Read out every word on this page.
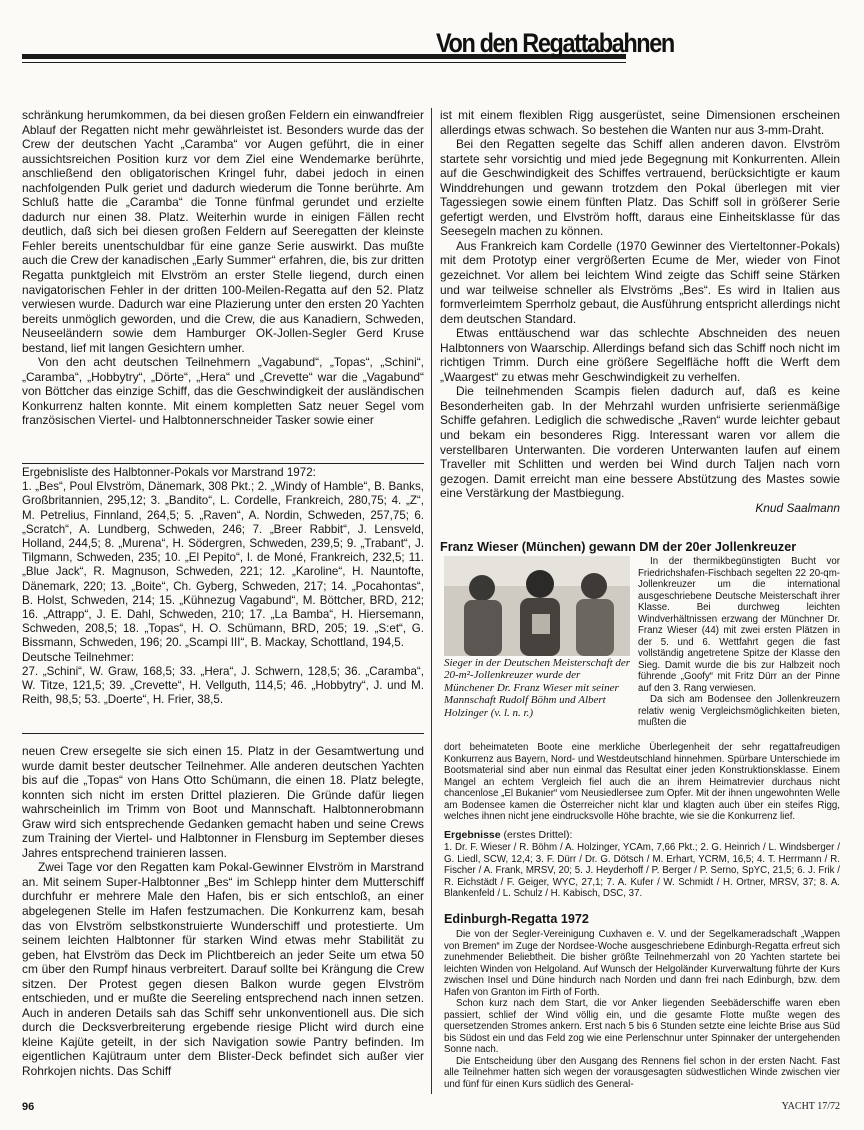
Von den Regattabahnen

schränkung herumkommen, da bei diesen großen Feldern ein einwandfreier Ablauf der Regatten nicht mehr gewährleistet ist. Besonders wurde das der Crew der deutschen Yacht „Caramba“ vor Augen geführt, die in einer aussichtsreichen Position kurz vor dem Ziel eine Wendemarke berührte, anschließend den obligatorischen Kringel fuhr, dabei jedoch in einen nachfolgenden Pulk geriet und dadurch wiederum die Tonne berührte. Am Schluß hatte die „Caramba“ die Tonne fünfmal gerundet und erzielte dadurch nur einen 38. Platz. Weiterhin wurde in einigen Fällen recht deutlich, daß sich bei diesen großen Feldern auf Seeregatten der kleinste Fehler bereits unentschuldbar für eine ganze Serie auswirkt. Das mußte auch die Crew der kanadischen „Early Summer“ erfahren, die, bis zur dritten Regatta punktgleich mit Elvström an erster Stelle liegend, durch einen navigatorischen Fehler in der dritten 100-Meilen-Regatta auf den 52. Platz verwiesen wurde. Dadurch war eine Plazierung unter den ersten 20 Yachten bereits unmöglich geworden, und die Crew, die aus Kanadiern, Schweden, Neuseeländern sowie dem Hamburger OK-Jollen-Segler Gerd Kruse bestand, lief mit langen Gesichtern umher.

Von den acht deutschen Teilnehmern „Vagabund“, „Topas“, „Schini“, „Caramba“, „Hobbytry“, „Dörte“, „Hera“ und „Crevette“ war die „Vagabund“ von Böttcher das einzige Schiff, das die Geschwindigkeit der ausländischen Konkurrenz halten konnte. Mit einem kompletten Satz neuer Segel vom französischen Viertel- und Halbtonnerschneider Tasker sowie einer

Ergebnisliste des Halbtonner-Pokals vor Marstrand 1972:

1. „Bes“, Poul Elvström, Dänemark, 308 Pkt.; 2. „Windy of Hamble“, B. Banks, Großbritannien, 295,12; 3. „Bandito“, L. Cordelle, Frankreich, 280,75; 4. „Z“, M. Petrelius, Finnland, 264,5; 5. „Raven“, A. Nordin, Schweden, 257,75; 6. „Scratch“, A. Lundberg, Schweden, 246; 7. „Breer Rabbit“, J. Lensveld, Holland, 244,5; 8. „Murena“, H. Södergren, Schweden, 239,5; 9. „Trabant“, J. Tilgmann, Schweden, 235; 10. „El Pepito“, l. de Moné, Frankreich, 232,5; 11. „Blue Jack“, R. Magnuson, Schweden, 221; 12. „Karoline“, H. Nauntofte, Dänemark, 220; 13. „Boite“, Ch. Gyberg, Schweden, 217; 14. „Pocahontas“, B. Holst, Schweden, 214; 15. „Kühnezug Vagabund“, M. Böttcher, BRD, 212; 16. „Attrapp“, J. E. Dahl, Schweden, 210; 17. „La Bamba“, H. Hiersemann, Schweden, 208,5; 18. „Topas“, H. O. Schümann, BRD, 205; 19. „S:et“, G. Bissmann, Schweden, 196; 20. „Scampi III“, B. Mackay, Schottland, 194,5.

Deutsche Teilnehmer:

27. „Schini“, W. Graw, 168,5; 33. „Hera“, J. Schwern, 128,5; 36. „Caramba“, W. Titze, 121,5; 39. „Crevette“, H. Vellguth, 114,5; 46. „Hobbytry“, J. und M. Reith, 98,5; 53. „Doerte“, H. Frier, 38,5.

neuen Crew ersegelte sie sich einen 15. Platz in der Gesamtwertung und wurde damit bester deutscher Teilnehmer. Alle anderen deutschen Yachten bis auf die „Topas“ von Hans Otto Schümann, die einen 18. Platz belegte, konnten sich nicht im ersten Drittel plazieren. Die Gründe dafür liegen wahrscheinlich im Trimm von Boot und Mannschaft. Halbtonnerobmann Graw wird sich entsprechende Gedanken gemacht haben und seine Crews zum Training der Viertel- und Halbtonner in Flensburg im September dieses Jahres entsprechend trainieren lassen.

Zwei Tage vor den Regatten kam Pokal-Gewinner Elvström in Marstrand an. Mit seinem Super-Halbtonner „Bes“ im Schlepp hinter dem Mutterschiff durchfuhr er mehrere Male den Hafen, bis er sich entschloß, an einer abgelegenen Stelle im Hafen festzumachen. Die Konkurrenz kam, besah das von Elvström selbstkonstruierte Wunderschiff und protestierte. Um seinem leichten Halbtonner für starken Wind etwas mehr Stabilität zu geben, hat Elvström das Deck im Plichtbereich an jeder Seite um etwa 50 cm über den Rumpf hinaus verbreitert. Darauf sollte bei Krängung die Crew sitzen. Der Protest gegen diesen Balkon wurde gegen Elvström entschieden, und er mußte die Seereling entsprechend nach innen setzen. Auch in anderen Details sah das Schiff sehr unkonventionell aus. Die sich durch die Decksverbreiterung ergebende riesige Plicht wird durch eine kleine Kajüte geteilt, in der sich Navigation sowie Pantry befinden. Im eigentlichen Kajütraum unter dem Blister-Deck befindet sich außer vier Rohrkojen nichts. Das Schiff

ist mit einem flexiblen Rigg ausgerüstet, seine Dimensionen erscheinen allerdings etwas schwach. So bestehen die Wanten nur aus 3-mm-Draht.

Bei den Regatten segelte das Schiff allen anderen davon. Elvström startete sehr vorsichtig und mied jede Begegnung mit Konkurrenten. Allein auf die Geschwindigkeit des Schiffes vertrauend, berücksichtigte er kaum Winddrehungen und gewann trotzdem den Pokal überlegen mit vier Tagessiegen sowie einem fünften Platz. Das Schiff soll in größerer Serie gefertigt werden, und Elvström hofft, daraus eine Einheitsklasse für das Seesegeln machen zu können.

Aus Frankreich kam Cordelle (1970 Gewinner des Vierteltonner-Pokals) mit dem Prototyp einer vergrößerten Ecume de Mer, wieder von Finot gezeichnet. Vor allem bei leichtem Wind zeigte das Schiff seine Stärken und war teilweise schneller als Elvströms „Bes“. Es wird in Italien aus formverleimtem Sperrholz gebaut, die Ausführung entspricht allerdings nicht dem deutschen Standard.

Etwas enttäuschend war das schlechte Abschneiden des neuen Halbtonners von Waarschip. Allerdings befand sich das Schiff noch nicht im richtigen Trimm. Durch eine größere Segelfläche hofft die Werft dem „Waargest“ zu etwas mehr Geschwindigkeit zu verhelfen.

Die teilnehmenden Scampis fielen dadurch auf, daß es keine Besonderheiten gab. In der Mehrzahl wurden unfrisierte serienmäßige Schiffe gefahren. Lediglich die schwedische „Raven“ wurde leichter gebaut und bekam ein besonderes Rigg. Interessant waren vor allem die verstellbaren Unterwanten. Die vorderen Unterwanten laufen auf einem Traveller mit Schlitten und werden bei Wind durch Taljen nach vorn gezogen. Damit erreicht man eine bessere Abstützung des Mastes sowie eine Verstärkung der Mastbiegung.

Knud Saalmann
Franz Wieser (München) gewann DM der 20er Jollenkreuzer
Sieger in der Deutschen Meisterschaft der 20-m²-Jollenkreuzer wurde der Münchener Dr. Franz Wieser mit seiner Mannschaft Rudolf Böhm und Albert Holzinger (v. l. n. r.)

In der thermikbegünstigten Bucht vor Friedrichshafen-Fischbach segelten 22 20-qm-Jollenkreuzer um die international ausgeschriebene Deutsche Meisterschaft ihrer Klasse. Bei durchweg leichten Windverhältnissen erzwang der Münchner Dr. Franz Wieser (44) mit zwei ersten Plätzen in der 5. und 6. Wettfahrt gegen die fast vollständig angetretene Spitze der Klasse den Sieg. Damit wurde die bis zur Halbzeit noch führende „Goofy“ mit Fritz Dürr an der Pinne auf den 3. Rang verwiesen.

Da sich am Bodensee den Jollenkreuzern relativ wenig Vergleichsmöglichkeiten bieten, mußten die

dort beheimateten Boote eine merkliche Überlegenheit der sehr regattafreudigen Konkurrenz aus Bayern, Nord- und Westdeutschland hinnehmen. Spürbare Unterschiede im Bootsmaterial sind aber nun einmal das Resultat einer jeden Konstruktionsklasse. Einem Mangel an echtem Vergleich fiel auch die an ihrem Heimatrevier durchaus nicht chancenlose „El Bukanier“ vom Neusiedlersee zum Opfer. Mit der ihnen ungewohnten Welle am Bodensee kamen die Österreicher nicht klar und klagten auch über ein steifes Rigg, welches ihnen nicht jene eindrucksvolle Höhe brachte, wie sie die Konkurrenz lief.

Ergebnisse (erstes Drittel):

1. Dr. F. Wieser / R. Böhm / A. Holzinger, YCAm, 7,66 Pkt.; 2. G. Heinrich / L. Windsberger / G. Liedl, SCW, 12,4; 3. F. Dürr / Dr. G. Dötsch / M. Erhart, YCRM, 16,5; 4. T. Herrmann / R. Fischer / A. Frank, MRSV, 20; 5. J. Heyderhoff / P. Berger / P. Serno, SpYC, 21,5; 6. J. Frik / R. Eichstädt / F. Geiger, WYC, 27,1; 7. A. Kufer / W. Schmidt / H. Ortner, MRSV, 37; 8. A. Blankenfeld / L. Schulz / H. Kabisch, DSC, 37.

Edinburgh-Regatta 1972

Die von der Segler-Vereinigung Cuxhaven e. V. und der Segelkameradschaft „Wappen von Bremen“ im Zuge der Nordsee-Woche ausgeschriebene Edinburgh-Regatta erfreut sich zunehmender Beliebtheit. Die bisher größte Teilnehmerzahl von 20 Yachten startete bei leichten Winden von Helgoland. Auf Wunsch der Helgoländer Kurverwaltung führte der Kurs zwischen Insel und Düne hindurch nach Norden und dann frei nach Edinburgh, bzw. dem Hafen von Granton im Firth of Forth.

Schon kurz nach dem Start, die vor Anker liegenden Seebäderschiffe waren eben passiert, schlief der Wind völlig ein, und die gesamte Flotte mußte wegen des quersetzenden Stromes ankern. Erst nach 5 bis 6 Stunden setzte eine leichte Brise aus Süd bis Südost ein und das Feld zog wie eine Perlenschnur unter Spinnaker der untergehenden Sonne nach.

Die Entscheidung über den Ausgang des Rennens fiel schon in der ersten Nacht. Fast alle Teilnehmer hatten sich wegen der vorausgesagten südwestlichen Winde zwischen vier und fünf für einen Kurs südlich des General-

96	YACHT 17/72
